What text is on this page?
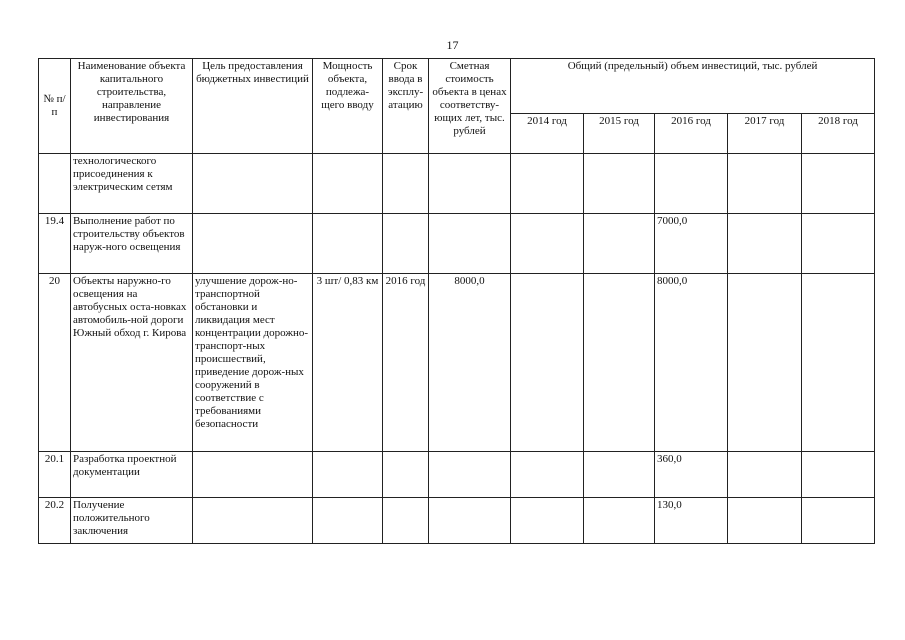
17
№ п/п	Наименование объекта капитального строительства, направление инвестирования	Цель предоставления бюджетных инвестиций	Мощность объекта, подлежа-щего вводу	Срок ввода в эксплу-атацию	Сметная стоимость объекта в ценах соответству-ющих лет, тыс. рублей	Общий (предельный) объем инвестиций, тыс. рублей				
						2014 год	2015 год	2016 год	2017 год	2018 год
	технологического присоединения к электрическим сетям									
19.4	Выполнение работ по строительству объектов наруж-ного освещения							7000,0		
20	Объекты наружно-го освещения на автобусных оста-новках автомобиль-ной дороги Южный обход г. Кирова	улучшение дорож-но-транспортной обстановки и ликвидация мест концентрации дорожно-транспорт-ных происшествий, приведение дорож-ных сооружений в соответствие с требованиями безопасности	3 шт/ 0,83 км	2016 год	8000,0			8000,0		
20.1	Разработка проектной документации							360,0		
20.2	Получение положительного заключения							130,0		
